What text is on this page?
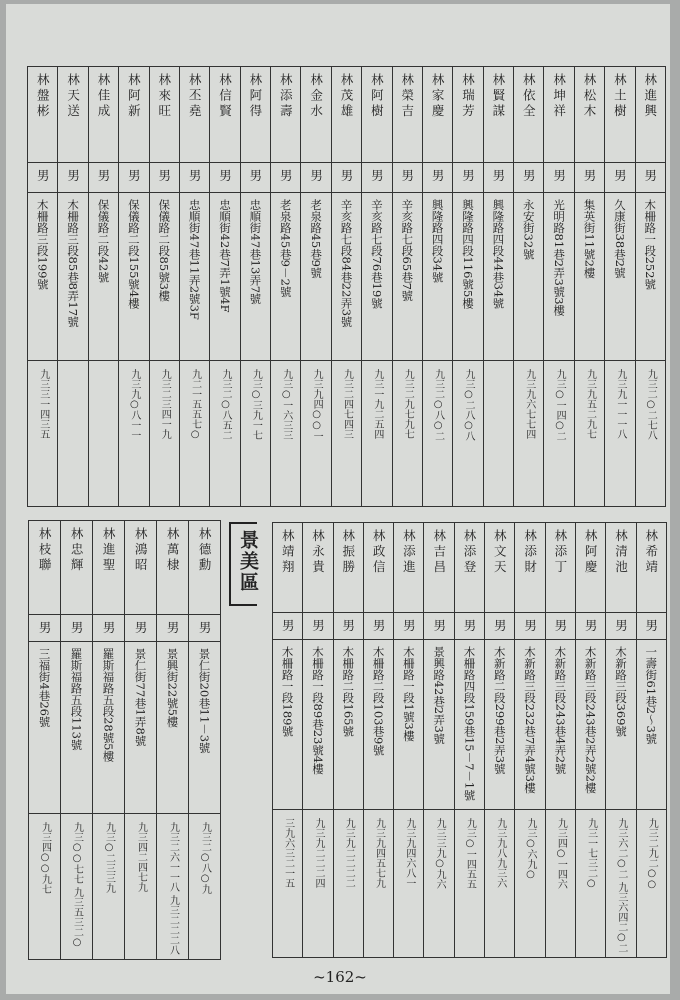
林盤彬	林天送	林佳成	林阿新	林來旺	林丕堯	林信賢	林阿得	林添壽	林金水	林茂雄	林阿樹	林榮吉	林家慶	林瑞芳	林賢謀	林依全	林坤祥	林松木	林土樹	林進興
男	男	男	男	男	男	男	男	男	男	男	男	男	男	男	男	男	男	男	男	男
木柵路三段199號	木柵路三段85巷8弄17號	保儀路二段42號	保儀路二段155號4樓	保儀路二段85號3樓	忠順街47巷11弄2號3F	忠順街42巷7弄1號4F	忠順街47巷13弄7號	老泉路45巷9－2號	老泉路45巷9號	辛亥路七段84巷22弄3號	辛亥路七段76巷19號	辛亥路七段65巷7號	興隆路四段34號	興隆路四段116號5樓	興隆路四段44巷34號	永安街32號	光明路81巷2弄3號3樓	集英街11號2樓	久康街38巷2號	木柵路一段252號
九三三一四三五			九三九○八一一	九三二三四一九	九二一五五七○	九三二○八五二	九三○三九一七	九三○一六三三	九三九四○○一	九三二四七四三	九三一九二五四	九三二九七九七	九三二○八○二	九三○二八○八		九三九六七七四	九三○一四○二	九三九五二九七	九三九一一一八	九三二○二七八
景美區
林枝聯	林忠輝	林進聖	林鴻昭	林萬棣	林德勳
男	男	男	男	男	男
三福街4巷26號	羅斯福路五段113號	羅斯福路五段28號5樓	景仁街77巷1弄8號	景興街22號5樓	景仁街20巷11－3號
九三四○○九七	九三○○七七 九三五三二○	九三○二三三九	九三四二四七九	九三二六一一八 九三二二二八	九三二○八○九
林靖翔	林永貴	林振勝	林政信	林添進	林吉昌	林添登	林文天	林添財	林添丁	林阿慶	林清池	林希靖
男	男	男	男	男	男	男	男	男	男	男	男	男
木柵路一段189號	木柵路一段89巷23號4樓	木柵路二段165號	木柵路二段103巷9號	木柵路一段1號3樓	景興路42巷2弄3號	木柵路四段159巷15－7－1號	木新路二段299巷2弄3號	木新路三段232巷7弄4號3樓	木新路三段243巷4弄2號	木新路三段243巷2弄2號2樓	木新路三段369號	一壽街61巷2～3號
三九六三二一五	九三九二二二四	九三九二二二二	九三九四五七九	九三九四六八一	九三三九○九六	九三○一四五五	九三九八九三六	九三○六九○	九三四○一四六	九三一七三二○	九三六二○二 九三六四二○二	九三二九二○○
~162~
